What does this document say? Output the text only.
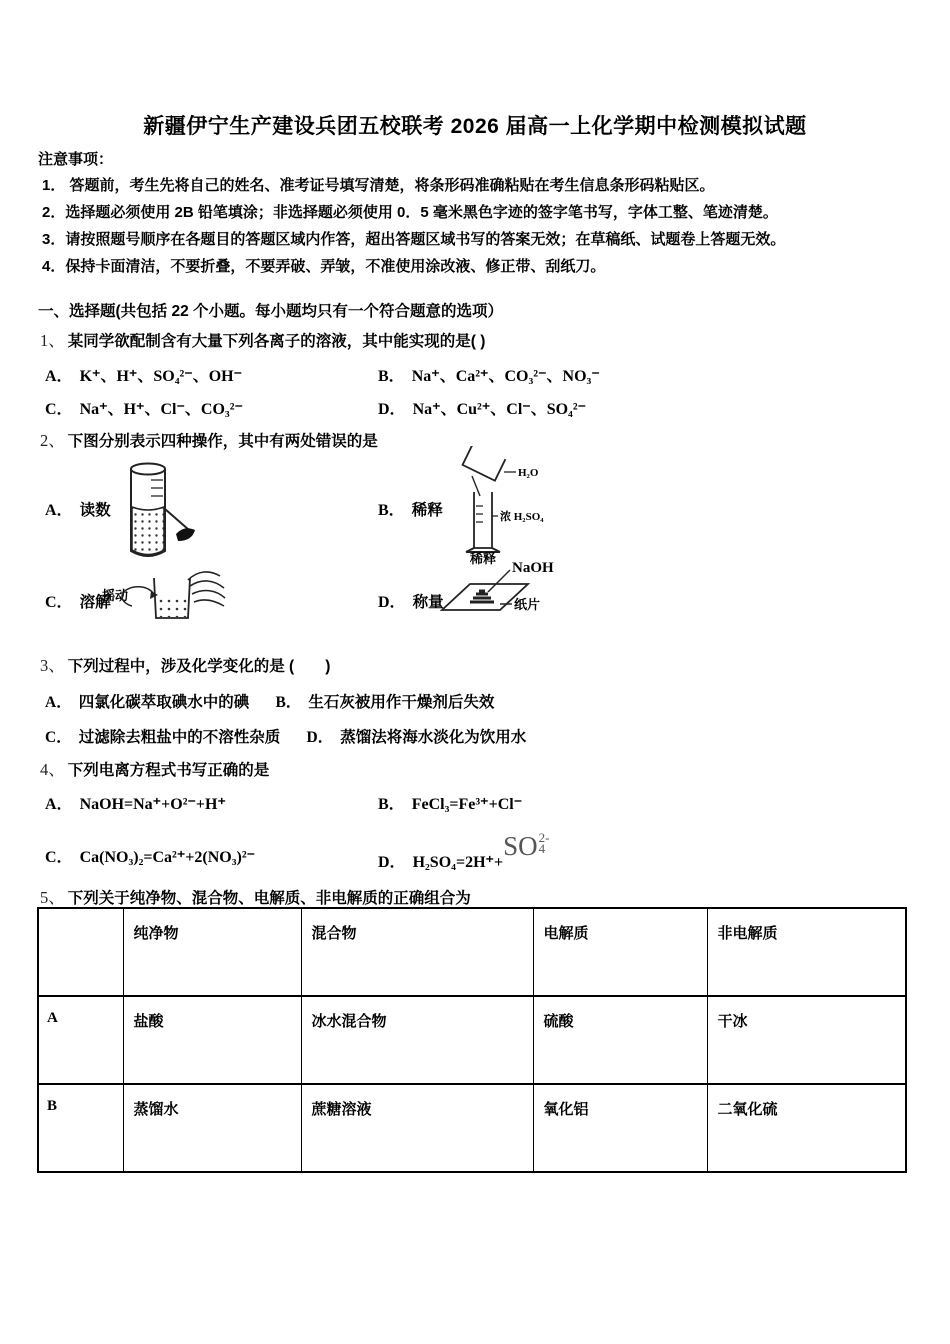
新疆伊宁生产建设兵团五校联考 2026 届高一上化学期中检测模拟试题
注意事项：
1． 答题前，考生先将自己的姓名、准考证号填写清楚，将条形码准确粘贴在考生信息条形码粘贴区。
2．选择题必须使用 2B 铅笔填涂；非选择题必须使用 0．5 毫米黑色字迹的签字笔书写，字体工整、笔迹清楚。
3．请按照题号顺序在各题目的答题区域内作答，超出答题区域书写的答案无效；在草稿纸、试题卷上答题无效。
4．保持卡面清洁，不要折叠，不要弄破、弄皱，不准使用涂改液、修正带、刮纸刀。
一、选择题(共包括 22 个小题。每小题均只有一个符合题意的选项）
1、 某同学欲配制含有大量下列各离子的溶液，其中能实现的是( )
A． K⁺、H⁺、SO₄²⁻、OH⁻	B． Na⁺、Ca²⁺、CO₃²⁻、NO₃⁻
C． Na⁺、H⁺、Cl⁻、CO₃²⁻	D． Na⁺、Cu²⁺、Cl⁻、SO₄²⁻
2、 下图分别表示四种操作，其中有两处错误的是
A． 读数	B． 稀释
H₂O
浓 H₂SO₄
稀释
C． 溶解
摇动	D． 称量
NaOH
纸片
3、 下列过程中，涉及化学变化的是 (　　)
A． 四氯化碳萃取碘水中的碘 B． 生石灰被用作干燥剂后失效
C． 过滤除去粗盐中的不溶性杂质 D． 蒸馏法将海水淡化为饮用水
4、 下列电离方程式书写正确的是
A． NaOH=Na⁺+O²⁻+H⁺	B． FeCl₃=Fe³⁺+Cl⁻
C． Ca(NO₃)₂=Ca²⁺+2(NO₃)²⁻	D． H₂SO₄=2H⁺+SO 2-
4
5、 下列关于纯净物、混合物、电解质、非电解质的正确组合为
	纯净物	混合物	电解质	非电解质
A	盐酸	冰水混合物	硫酸	干冰
B	蒸馏水	蔗糖溶液	氧化铝	二氧化硫
